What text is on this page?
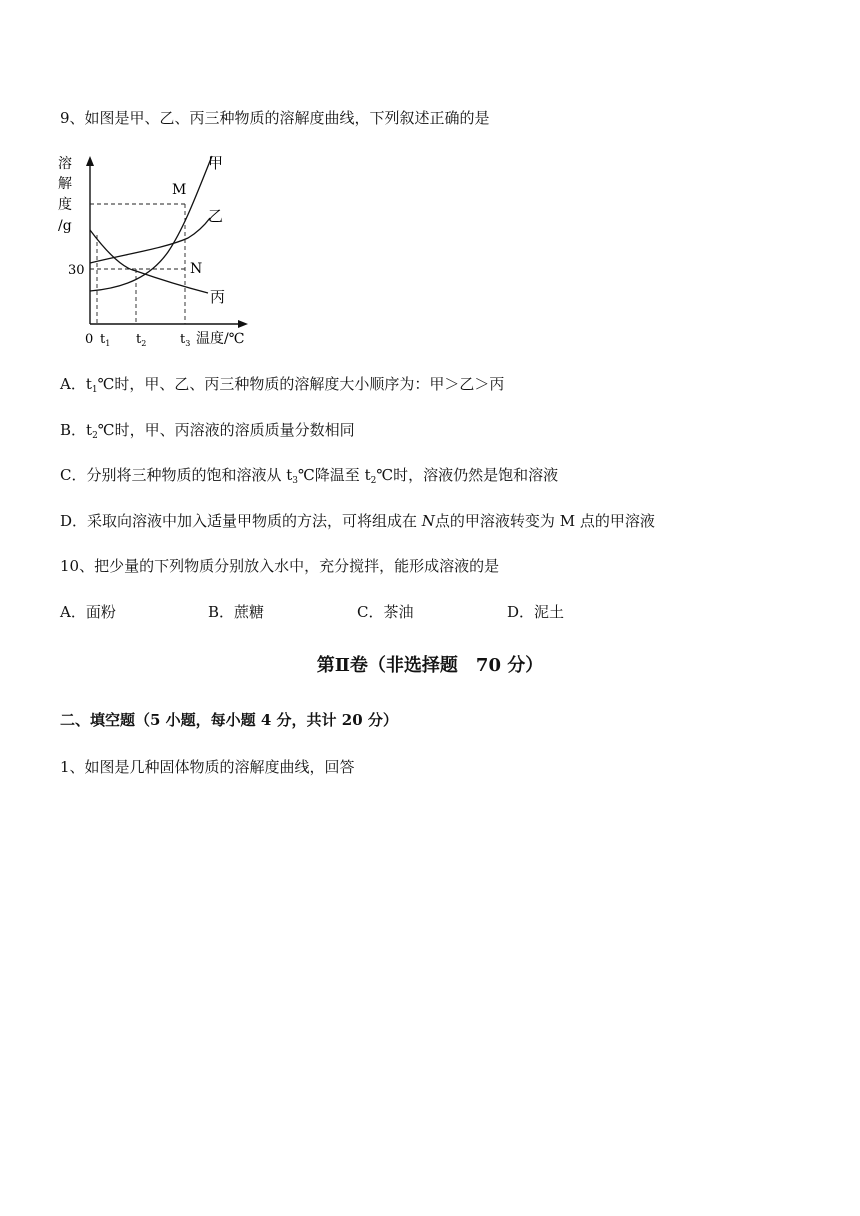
9、如图是甲、乙、丙三种物质的溶解度曲线，下列叙述正确的是
溶
解
度
/g
30
0 $t_1$ $t_2$	$t_3$ 温度/℃
甲
乙
丙
M
N
A．$t_1℃$时，甲、乙、丙三种物质的溶解度大小顺序为：甲＞乙＞丙
B．$t_2℃$时，甲、丙溶液的溶质质量分数相同
C．分别将三种物质的饱和溶液从 $t_3℃$降温至 $t_2℃$时，溶液仍然是饱和溶液
D．采取向溶液中加入适量甲物质的方法，可将组成在 N点的甲溶液转变为 M 点的甲溶液
10、把少量的下列物质分别放入水中，充分搅拌，能形成溶液的是
A．面粉	B．蔗糖	C．茶油	D．泥土
第Ⅱ卷（非选择题　70 分）
二、填空题（5 小题，每小题 4 分，共计 20 分）
1、如图是几种固体物质的溶解度曲线，回答
